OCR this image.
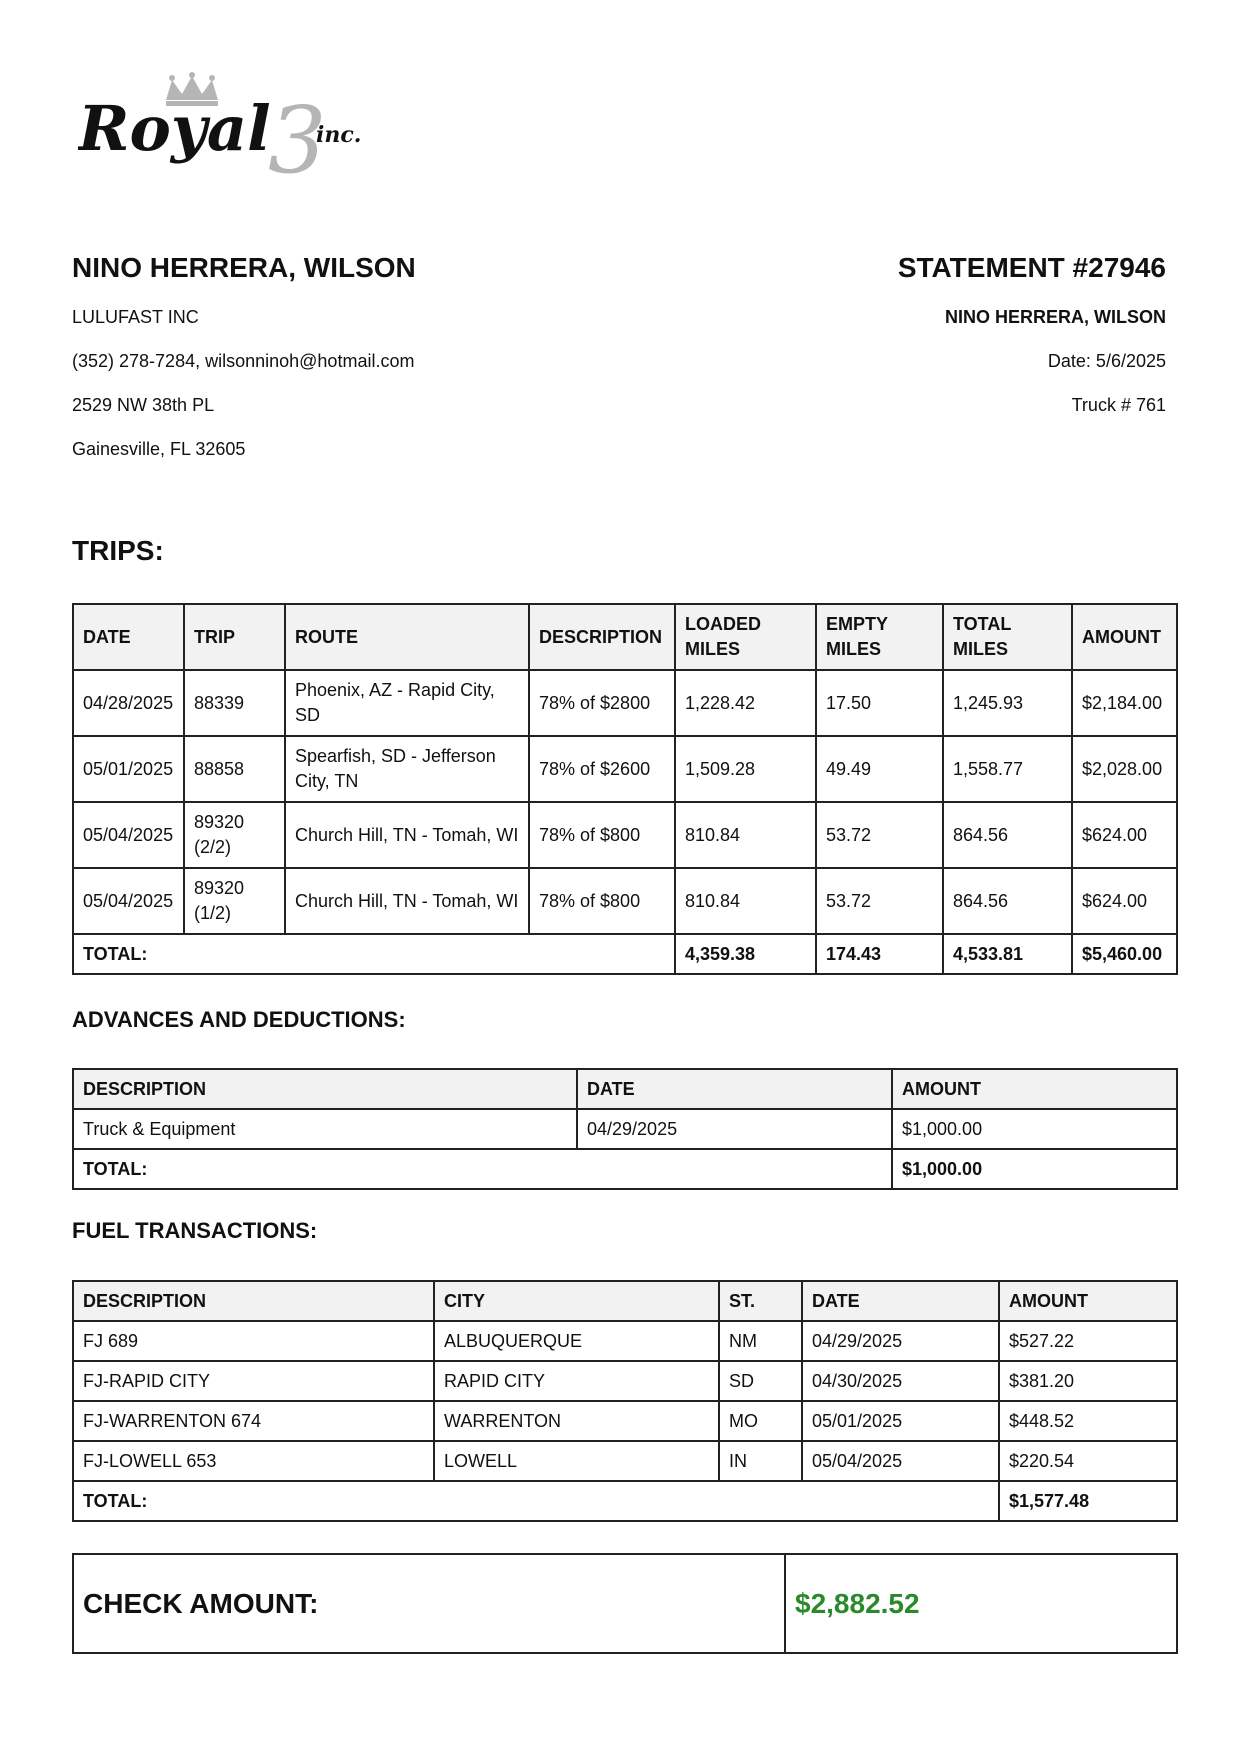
3
Royal inc.
NINO HERRERA, WILSON
LULUFAST INC
(352) 278-7284, wilsonninoh@hotmail.com
2529 NW 38th PL
Gainesville, FL 32605
STATEMENT #27946
NINO HERRERA, WILSON
Date: 5/6/2025
Truck # 761
TRIPS:
DATE	TRIP	ROUTE	DESCRIPTION	LOADED MILES	EMPTY MILES	TOTAL MILES	AMOUNT
04/28/2025	88339	Phoenix, AZ - Rapid City, SD	78% of $2800	1,228.42	17.50	1,245.93	$2,184.00
05/01/2025	88858	Spearfish, SD - Jefferson City, TN	78% of $2600	1,509.28	49.49	1,558.77	$2,028.00
05/04/2025	89320 (2/2)	Church Hill, TN - Tomah, WI	78% of $800	810.84	53.72	864.56	$624.00
05/04/2025	89320 (1/2)	Church Hill, TN - Tomah, WI	78% of $800	810.84	53.72	864.56	$624.00
TOTAL:				4,359.38	174.43	4,533.81	$5,460.00
ADVANCES AND DEDUCTIONS:
DESCRIPTION	DATE	AMOUNT
Truck & Equipment	04/29/2025	$1,000.00
TOTAL:		$1,000.00
FUEL TRANSACTIONS:
DESCRIPTION	CITY	ST.	DATE	AMOUNT
FJ 689	ALBUQUERQUE	NM	04/29/2025	$527.22
FJ-RAPID CITY	RAPID CITY	SD	04/30/2025	$381.20
FJ-WARRENTON 674	WARRENTON	MO	05/01/2025	$448.52
FJ-LOWELL 653	LOWELL	IN	05/04/2025	$220.54
TOTAL:				$1,577.48
CHECK AMOUNT:	$2,882.52
